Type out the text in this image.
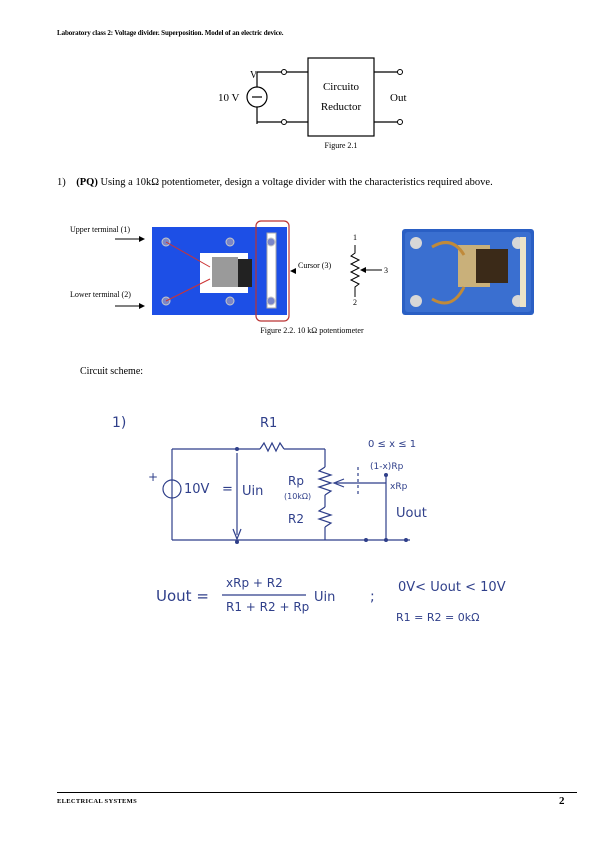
Laboratory class 2: Voltage divider. Superposition. Model of an electric device.
Circuito
Reductor
Out
10 V
V
Figure 2.1
1) (PQ) Using a 10kΩ potentiometer, design a voltage divider with the characteristics required above.
Upper terminal (1)
Lower terminal (2)
Cursor (3)
1
2
3
Figure 2.2. 10 kΩ potentiometer
Circuit scheme:
1)	R1
0 ≤ x ≤ 1
+
10V = Uin
Rp
(10kΩ)
R2
(1-x)Rp
xRp
Uout
Uout =
xRp + R2
R1 + R2 + Rp
Uin ;
0V< Uout < 10V
R1 = R2 = 0kΩ
ELECTRICAL SYSTEMS	2
